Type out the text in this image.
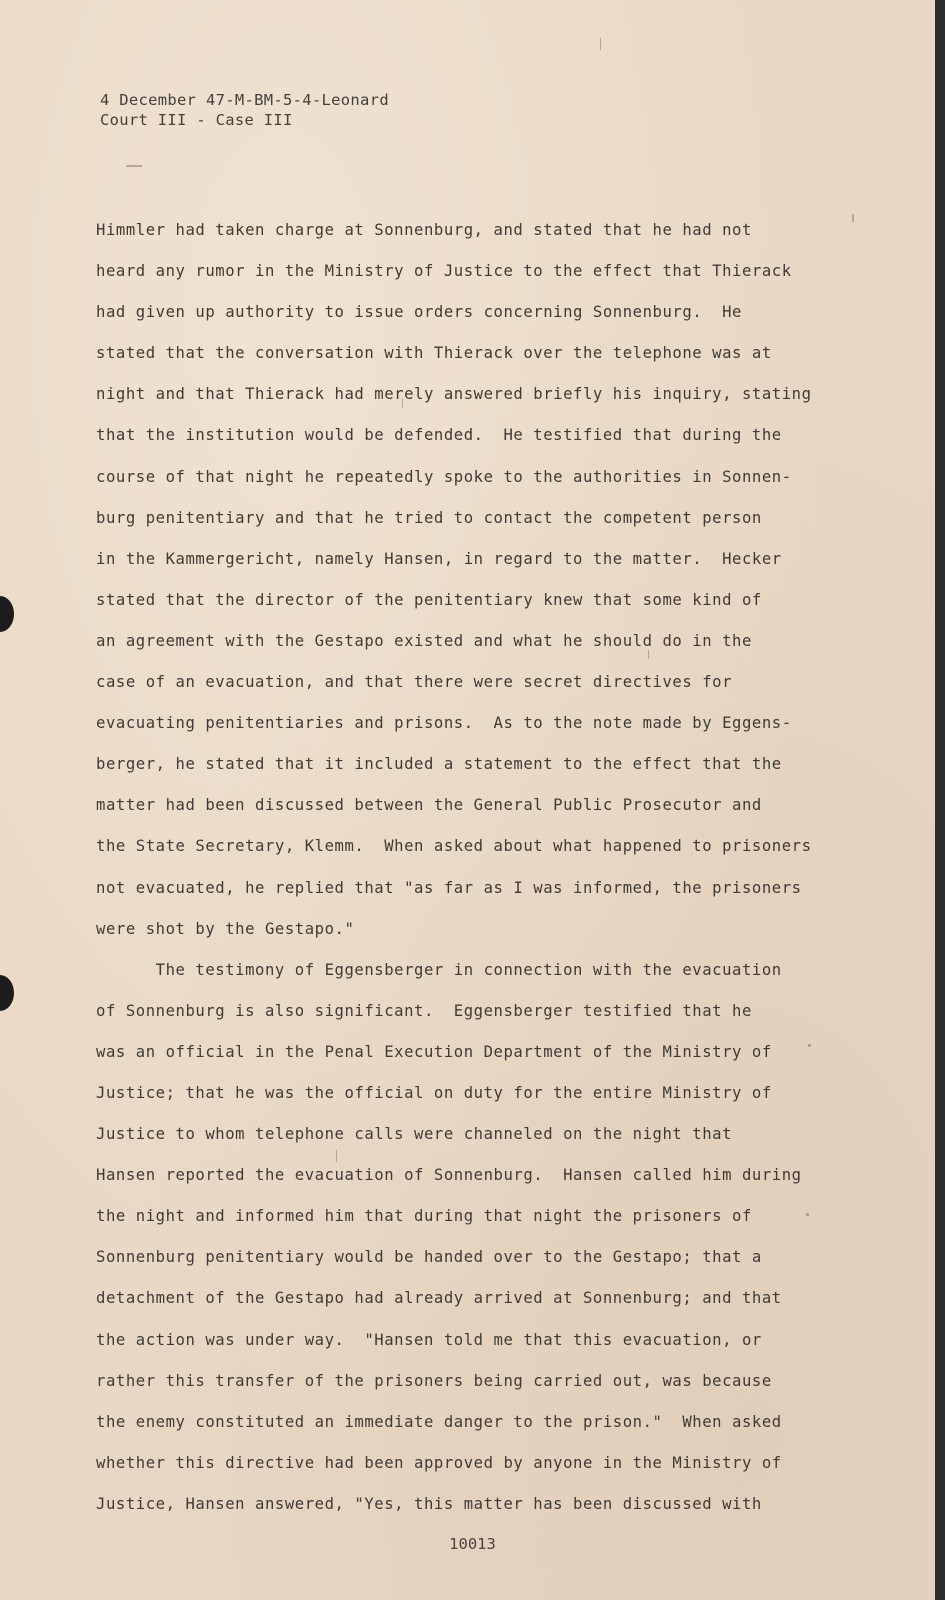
4 December 47-M-BM-5-4-Leonard
Court III - Case III
Himmler had taken charge at Sonnenburg, and stated that he had not
heard any rumor in the Ministry of Justice to the effect that Thierack
had given up authority to issue orders concerning Sonnenburg.  He
stated that the conversation with Thierack over the telephone was at
night and that Thierack had merely answered briefly his inquiry, stating
that the institution would be defended.  He testified that during the
course of that night he repeatedly spoke to the authorities in Sonnen-
burg penitentiary and that he tried to contact the competent person
in the Kammergericht, namely Hansen, in regard to the matter.  Hecker
stated that the director of the penitentiary knew that some kind of
an agreement with the Gestapo existed and what he should do in the
case of an evacuation, and that there were secret directives for
evacuating penitentiaries and prisons.  As to the note made by Eggens-
berger, he stated that it included a statement to the effect that the
matter had been discussed between the General Public Prosecutor and
the State Secretary, Klemm.  When asked about what happened to prisoners
not evacuated, he replied that "as far as I was informed, the prisoners
were shot by the Gestapo."
The testimony of Eggensberger in connection with the evacuation
of Sonnenburg is also significant.  Eggensberger testified that he
was an official in the Penal Execution Department of the Ministry of
Justice; that he was the official on duty for the entire Ministry of
Justice to whom telephone calls were channeled on the night that
Hansen reported the evacuation of Sonnenburg.  Hansen called him during
the night and informed him that during that night the prisoners of
Sonnenburg penitentiary would be handed over to the Gestapo; that a
detachment of the Gestapo had already arrived at Sonnenburg; and that
the action was under way.  "Hansen told me that this evacuation, or
rather this transfer of the prisoners being carried out, was because
the enemy constituted an immediate danger to the prison."  When asked
whether this directive had been approved by anyone in the Ministry of
Justice, Hansen answered, "Yes, this matter has been discussed with
10013
